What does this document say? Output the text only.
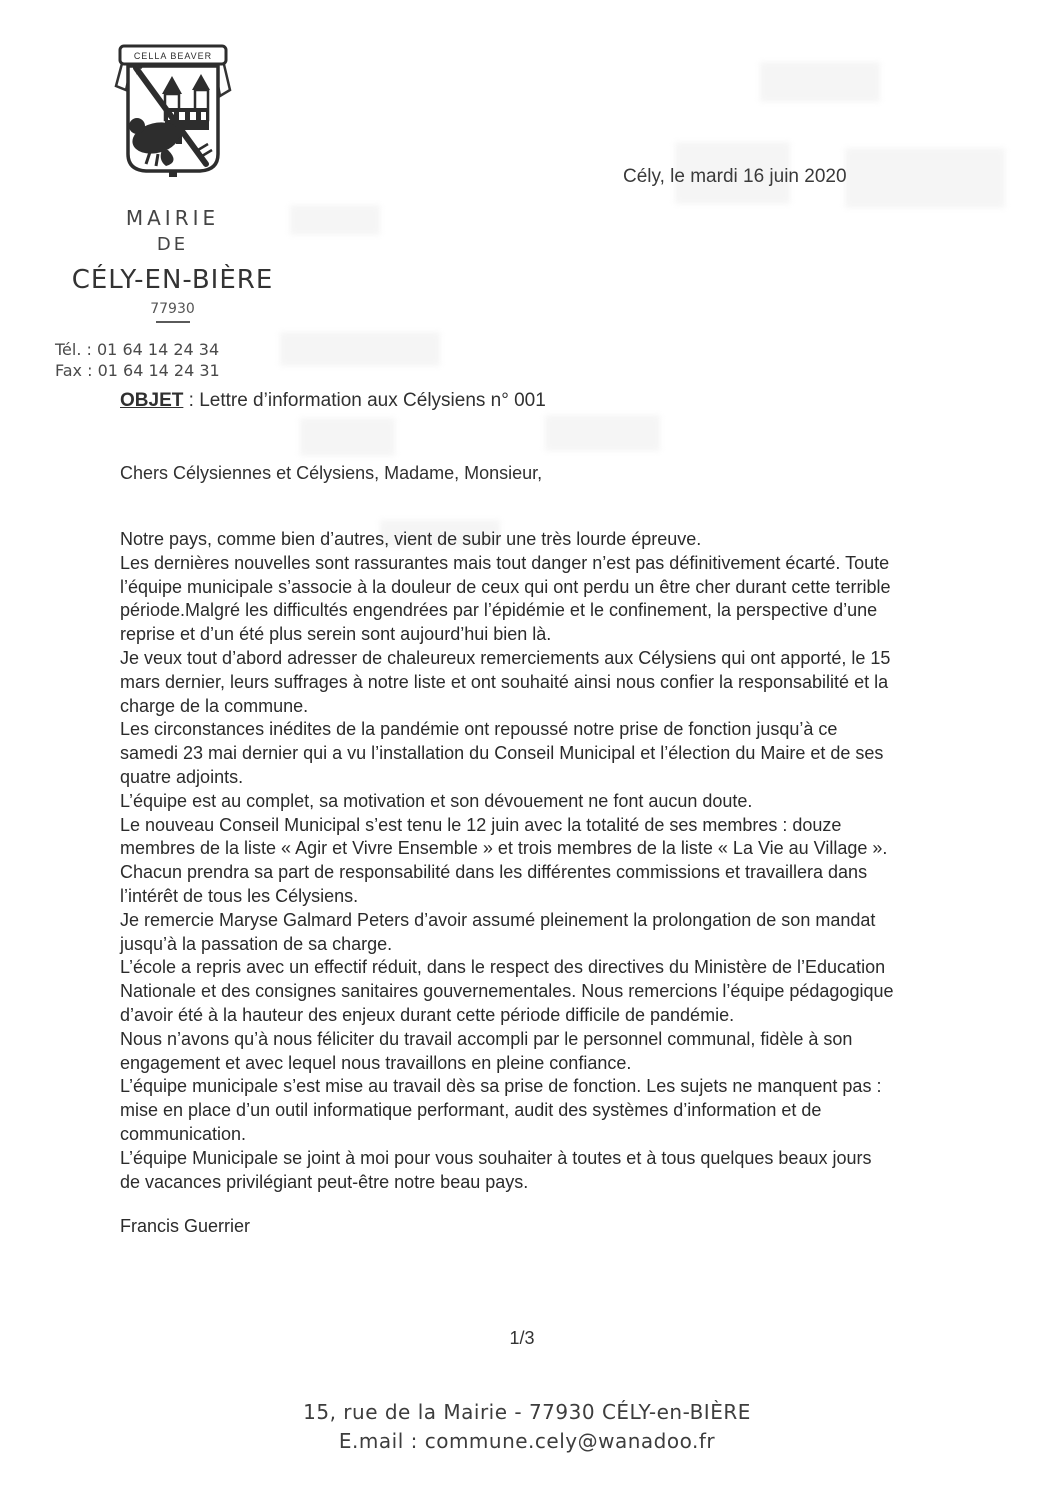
CELLA BEAVER
MAIRIE
DE
CÉLY-EN-BIÈRE
77930
Tél. : 01 64 14 24 34
Fax : 01 64 14 24 31
Cély, le mardi 16 juin 2020
OBJET : Lettre d’information aux Célysiens n° 001
Chers Célysiennes et Célysiens, Madame, Monsieur,
Notre pays, comme bien d’autres, vient de subir une très lourde épreuve.
Les dernières nouvelles sont rassurantes mais tout danger n’est pas définitivement écarté. Toute
l’équipe municipale s’associe à la douleur de ceux qui ont perdu un être cher durant cette terrible
période.Malgré les difficultés engendrées par l’épidémie et le confinement, la perspective d’une
reprise et d’un été plus serein sont aujourd’hui bien là.
Je veux tout d’abord adresser de chaleureux remerciements aux Célysiens qui ont apporté, le 15
mars dernier, leurs suffrages à notre liste et ont souhaité ainsi nous confier la responsabilité et la
charge de la commune.
Les circonstances inédites de la pandémie ont repoussé notre prise de fonction jusqu’à ce
samedi 23 mai dernier qui a vu l’installation du Conseil Municipal et l’élection du Maire et de ses
quatre adjoints.
L’équipe est au complet, sa motivation et son dévouement ne font aucun doute.
Le nouveau Conseil Municipal s’est tenu le 12 juin avec la totalité de ses membres : douze
membres de la liste « Agir et Vivre Ensemble » et trois membres de la liste « La Vie au Village ».
Chacun prendra sa part de responsabilité dans les différentes commissions et travaillera dans
l’intérêt de tous les Célysiens.
Je remercie Maryse Galmard Peters d’avoir assumé pleinement la prolongation de son mandat
jusqu’à la passation de sa charge.
L’école a repris avec un effectif réduit, dans le respect des directives du Ministère de l’Education
Nationale et des consignes sanitaires gouvernementales. Nous remercions l’équipe pédagogique
d’avoir été à la hauteur des enjeux durant cette période difficile de pandémie.
Nous n’avons qu’à nous féliciter du travail accompli par le personnel communal, fidèle à son
engagement et avec lequel nous travaillons en pleine confiance.
L’équipe municipale s’est mise au travail dès sa prise de fonction. Les sujets ne manquent pas :
mise en place d’un outil informatique performant, audit des systèmes d’information et de
communication.
L’équipe Municipale se joint à moi pour vous souhaiter à toutes et à tous quelques beaux jours
de vacances privilégiant peut-être notre beau pays.
Francis Guerrier
1/3
15, rue de la Mairie - 77930 CÉLY-en-BIÈRE
E.mail : commune.cely@wanadoo.fr
